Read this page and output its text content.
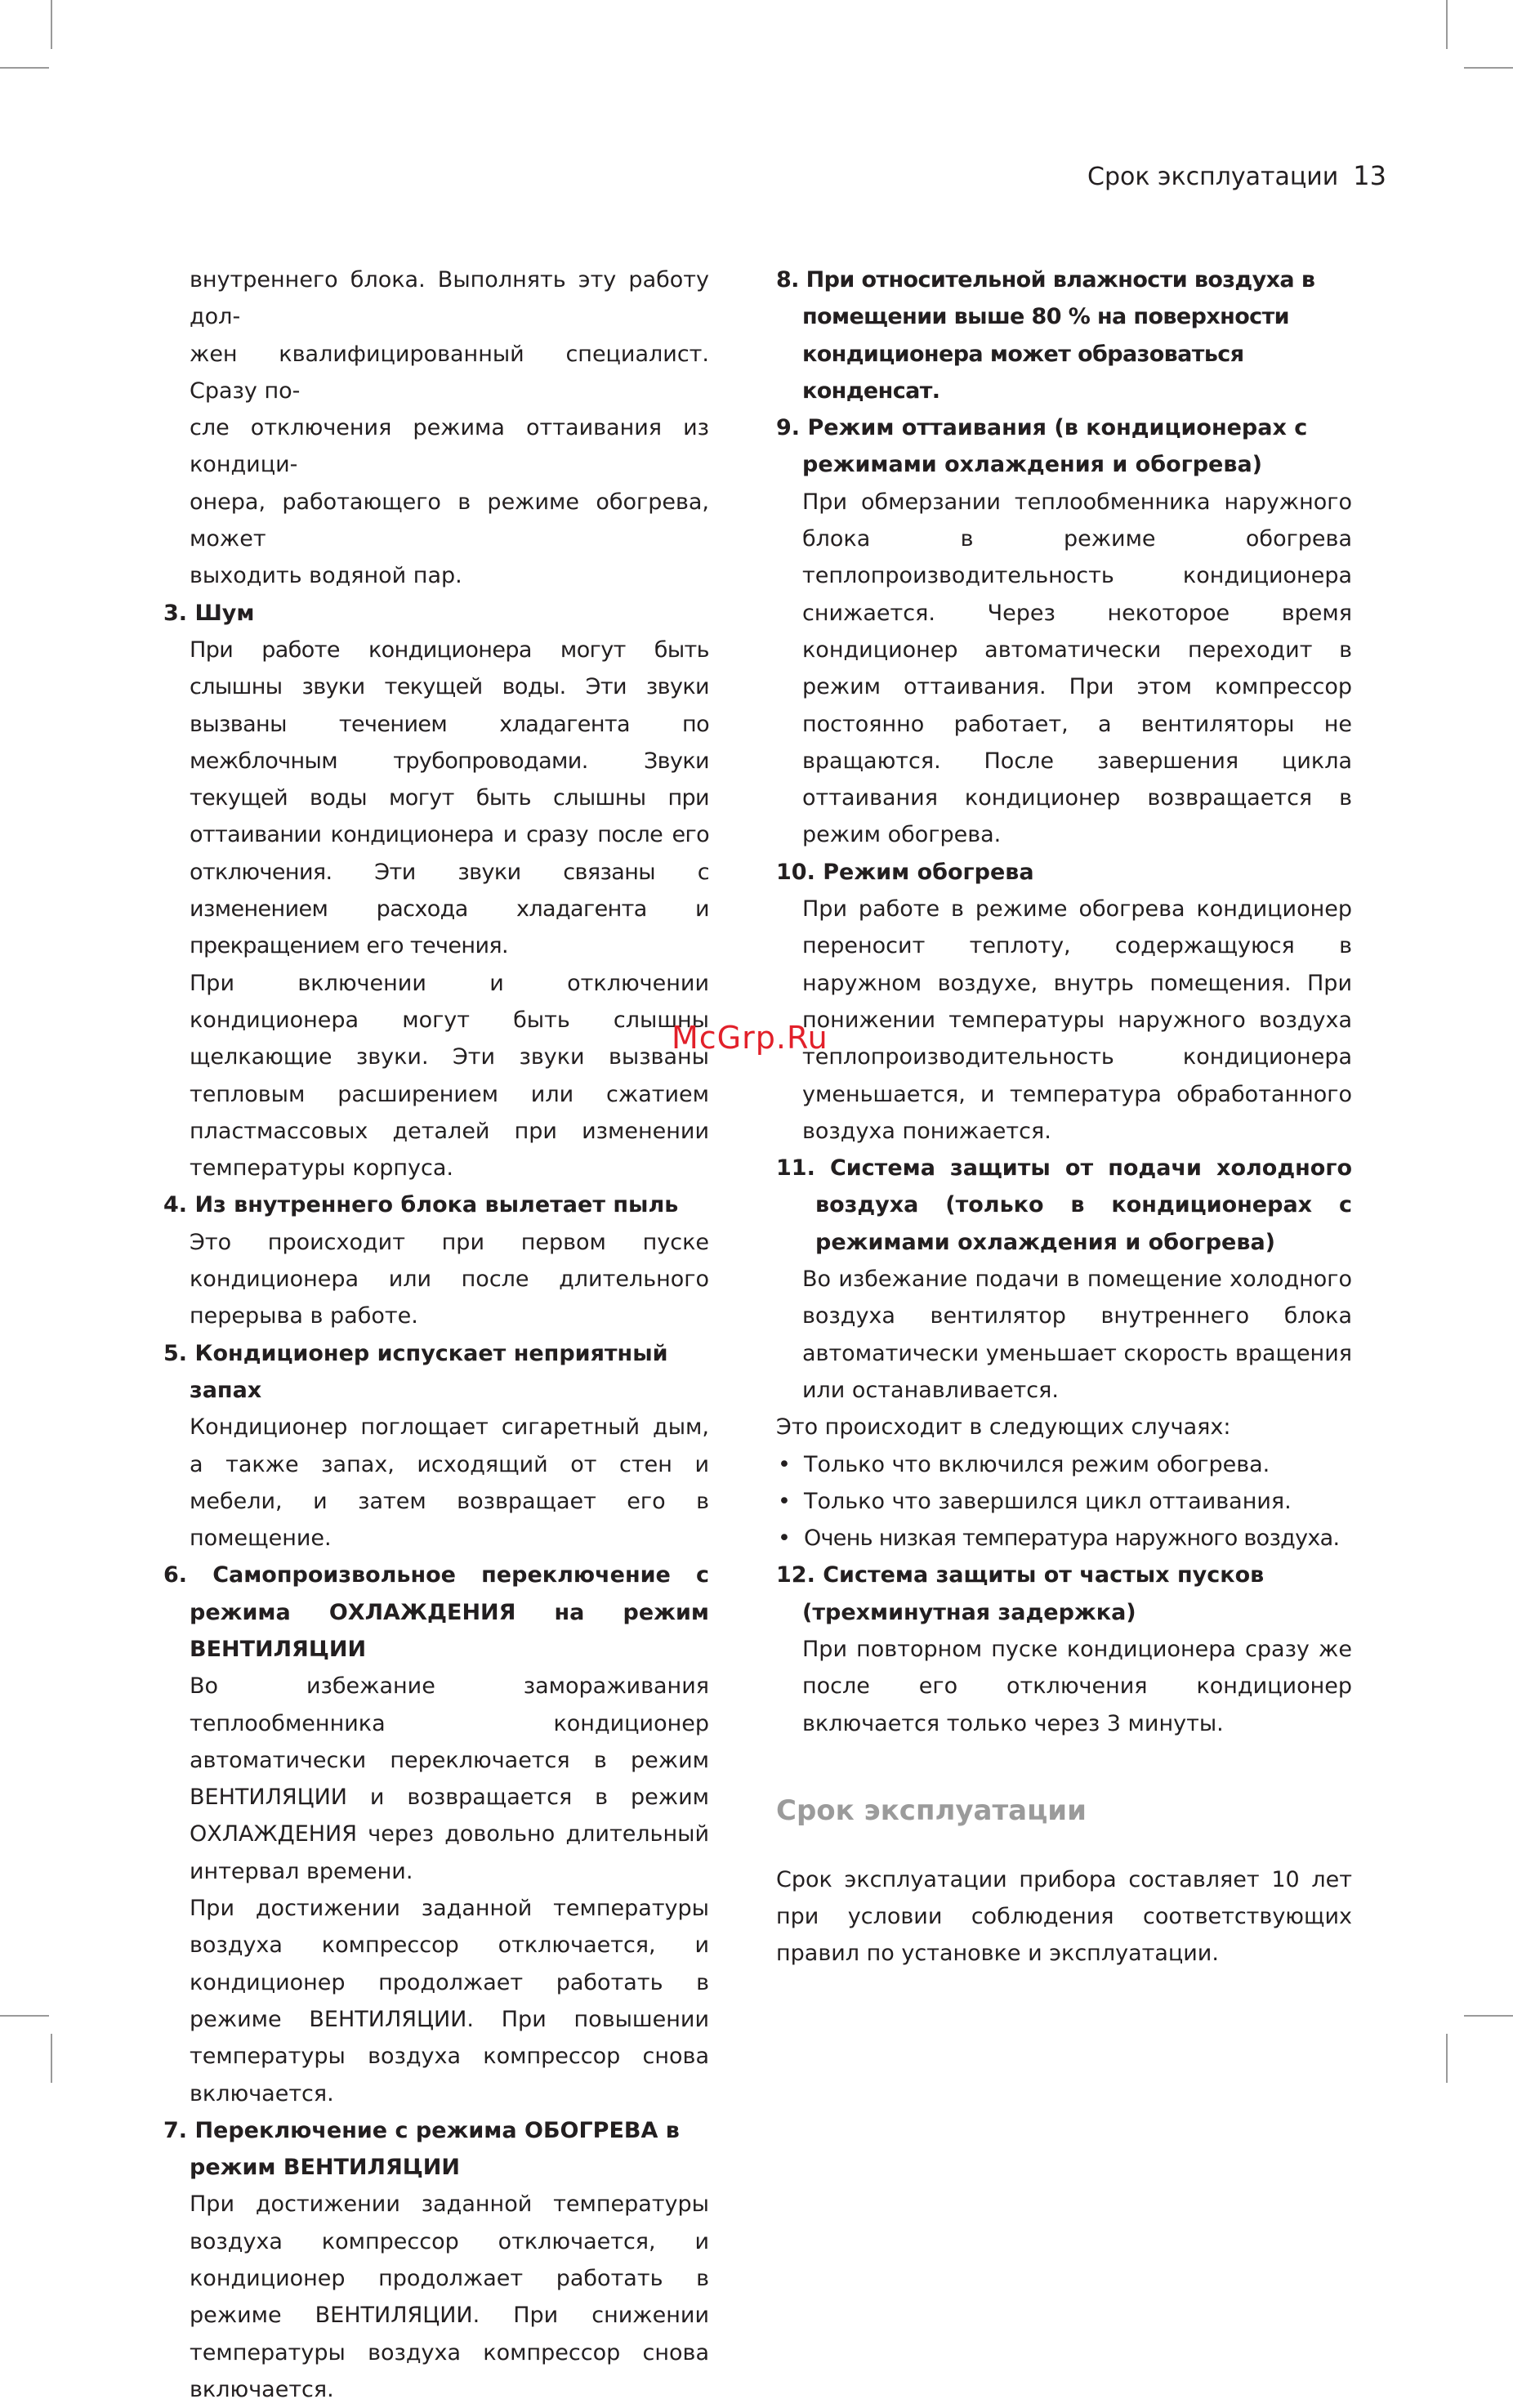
Срок эксплуатации 13

внутреннего блока. Выполнять эту работу дол-
жен квалифицированный специалист. Сразу по-
сле отключения режима оттаивания из кондици-
онера, работающего в режиме обогрева, может
выходить водяной пар.

3. Шум

При работе кондиционера могут быть слышны звуки текущей воды. Эти звуки вызваны течением хладагента по межблочным трубопроводами. Звуки текущей воды могут быть слышны при оттаивании кондиционера и сразу после его отключения. Эти звуки связаны с изменением расхода хладагента и прекращением его течения.

При включении и отключении кондиционера могут быть слышны щелкающие звуки. Эти звуки вызваны тепловым расширением или сжатием пластмассовых деталей при изменении температуры корпуса.

4. Из внутреннего блока вылетает пыль

Это происходит при первом пуске кондиционера или после длительного перерыва в работе.

5. Кондиционер испускает неприятный запах

Кондиционер поглощает сигаретный дым, а также запах, исходящий от стен и мебели, и затем возвращает его в помещение.

6. Самопроизвольное переключение с режима ОХЛАЖДЕНИЯ на режим ВЕНТИЛЯЦИИ

Во избежание замораживания теплообменника кондиционер автоматически переключается в режим ВЕНТИЛЯЦИИ и возвращается в режим ОХЛАЖДЕНИЯ через довольно длительный интервал времени.

При достижении заданной температуры воздуха компрессор отключается, и кондиционер продолжает работать в режиме ВЕНТИЛЯЦИИ. При повышении температуры воздуха компрессор снова включается.

7. Переключение с режима ОБОГРЕВА в режим ВЕНТИЛЯЦИИ

При достижении заданной температуры воздуха компрессор отключается, и кондиционер продолжает работать в режиме ВЕНТИЛЯЦИИ. При снижении температуры воздуха компрессор снова включается.

8. При относительной влажности воздуха в помещении выше 80 % на поверхности кондиционера может образоваться конденсат.

9. Режим оттаивания (в кондиционерах с режимами охлаждения и обогрева)

При обмерзании теплообменника наружного блока в режиме обогрева теплопроизводительность кондиционера снижается. Через некоторое время кондиционер автоматически переходит в режим оттаивания. При этом компрессор постоянно работает, а вентиляторы не вращаются. После завершения цикла оттаивания кондиционер возвращается в режим обогрева.

10. Режим обогрева

При работе в режиме обогрева кондиционер переносит теплоту, содержащуюся в наружном воздухе, внутрь помещения. При понижении температуры наружного воздуха теплопроизводительность кондиционера уменьшается, и температура обработанного воздуха понижается.

11. Система защиты от подачи холодного воздуха (только в кондиционерах с режимами охлаждения и обогрева)

Во избежание подачи в помещение холодного воздуха вентилятор внутреннего блока автоматически уменьшает скорость вращения или останавливается.

Это происходит в следующих случаях:

• Только что включился режим обогрева.
• Только что завершился цикл оттаивания.
• Очень низкая температура наружного воздуха.

12. Система защиты от частых пусков (трехминутная задержка)

При повторном пуске кондиционера сразу же после его отключения кондиционер включается только через 3 минуты.

Срок эксплуатации

Срок эксплуатации прибора составляет 10 лет при условии соблюдения соответствующих правил по установке и эксплуатации.

McGrp.Ru
